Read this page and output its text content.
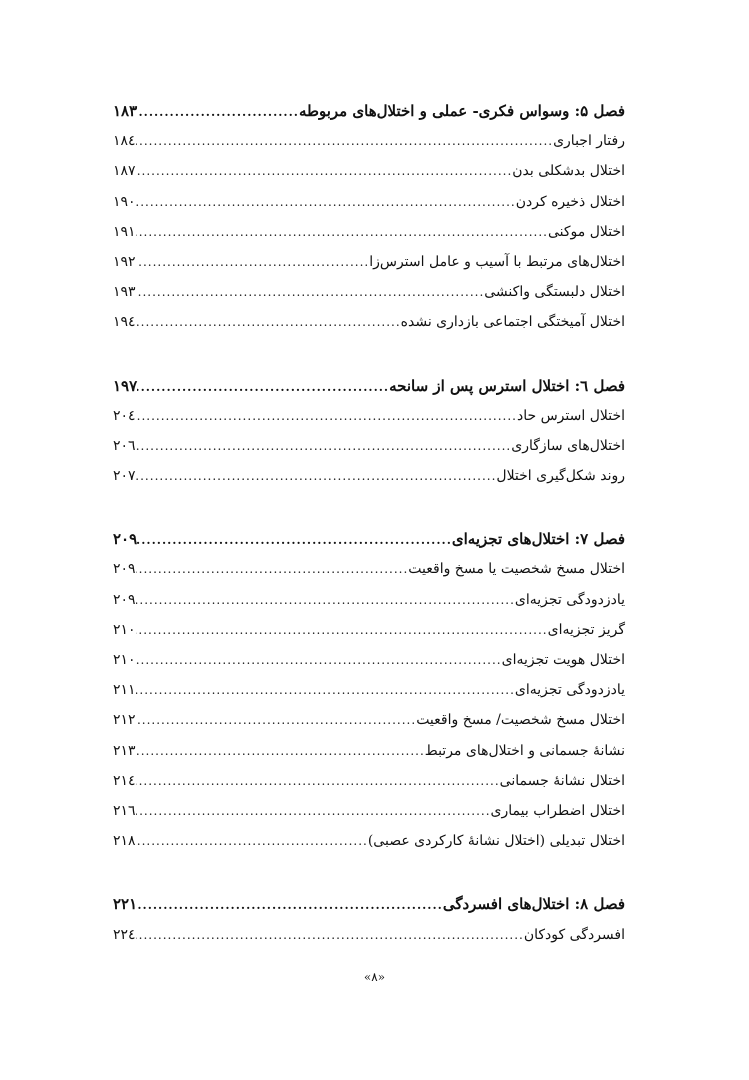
فصل ۵: وسواس فکری- عملی و اختلال‌های مربوطه
.....
۱۸۳
رفتار اجباری
.....
۱۸٤
اختلال بدشکلی بدن
.....
۱۸۷
اختلال ذخیره کردن
.....
۱۹۰
اختلال موکنی
.....
۱۹۱
اختلال‌های مرتبط با آسیب و عامل استرس‌زا
.....
۱۹۲
اختلال دلبستگی واکنشی
.....
۱۹۳
اختلال آمیختگی اجتماعی بازداری نشده
.....
۱۹٤
فصل ٦: اختلال استرس پس از سانحه
.....
۱۹۷
اختلال استرس حاد
.....
۲۰٤
اختلال‌های سازگاری
.....
۲۰٦
روند شکل‌گیری اختلال
.....
۲۰۷
فصل ۷: اختلال‌های تجزیه‌ای
.....
۲۰۹
اختلال مسخ شخصیت یا مسخ واقعیت
.....
۲۰۹
یادزدودگی تجزیه‌ای
.....
۲۰۹
گریز تجزیه‌ای
.....
۲۱۰
اختلال هویت تجزیه‌ای
.....
۲۱۰
یادزدودگی تجزیه‌ای
.....
۲۱۱
اختلال مسخ شخصیت/ مسخ واقعیت
.....
۲۱۲
نشانهٔ جسمانی و اختلال‌های مرتبط
.....
۲۱۳
اختلال نشانهٔ جسمانی
.....
۲۱٤
اختلال اضطراب بیماری
.....
۲۱٦
اختلال تبدیلی (اختلال نشانهٔ کارکردی عصبی)
.....
۲۱۸
فصل ۸: اختلال‌های افسردگی
.....
۲۲۱
افسردگی کودکان
.....
۲۲٤
«۸»
